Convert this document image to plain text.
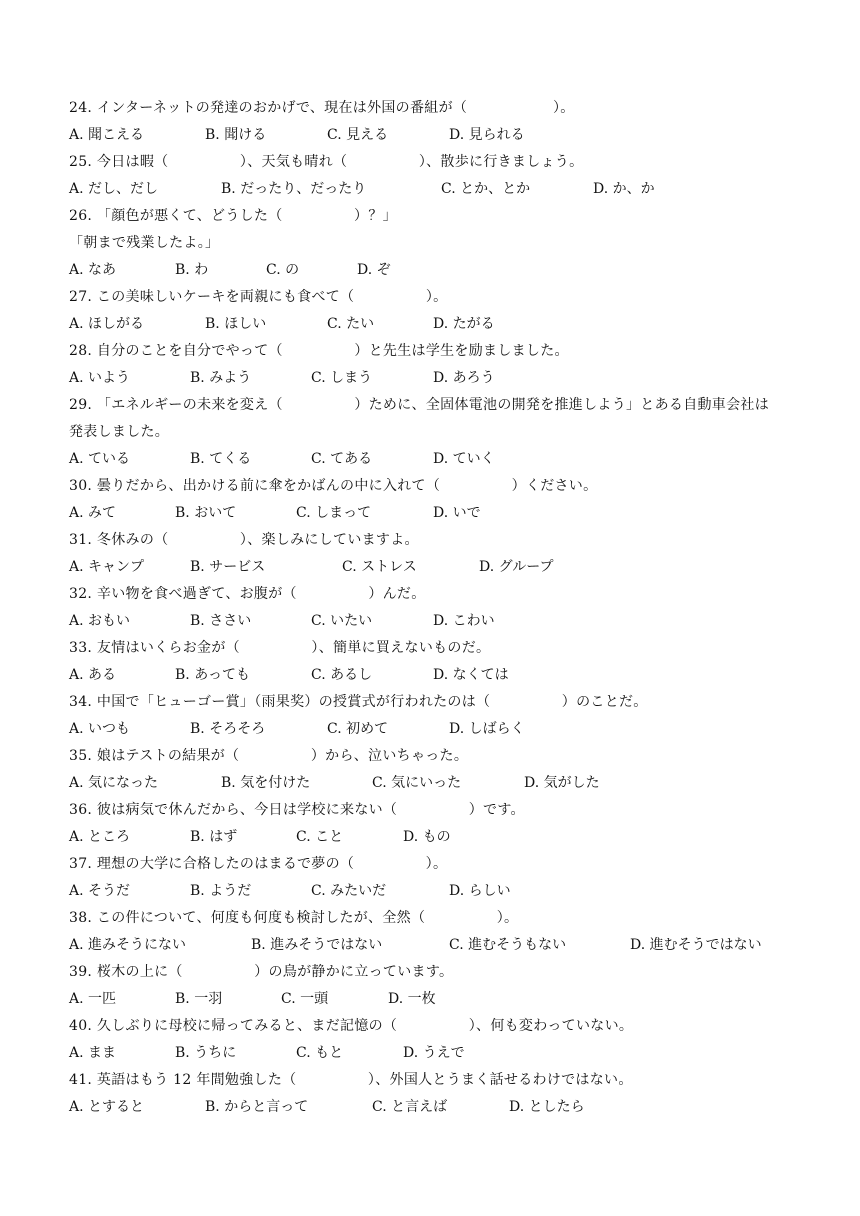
24. インターネットの発達のおかげで、現在は外国の番組が（　　　　　　）。
A. 聞こえる	B. 聞ける	C. 見える	D. 見られる
25. 今日は暇（　　　　　）、天気も晴れ（　　　　　）、散歩に行きましょう。
A. だし、だし	B. だったり、だったり	C. とか、とか	D. か、か
26. 「顔色が悪くて、どうした（　　　　　）？」
「朝まで残業したよ。」
A. なあ	B. わ	C. の	D. ぞ
27. この美味しいケーキを両親にも食べて（　　　　　）。
A. ほしがる	B. ほしい	C. たい	D. たがる
28. 自分のことを自分でやって（　　　　　）と先生は学生を励ましました。
A. いよう	B. みよう	C. しまう	D. あろう
29. 「エネルギーの未来を変え（　　　　　）ために、全固体電池の開発を推進しよう」とある自動車会社は
発表しました。
A. ている	B. てくる	C. てある	D. ていく
30. 曇りだから、出かける前に傘をかばんの中に入れて（　　　　　）ください。
A. みて	B. おいて	C. しまって	D. いで
31. 冬休みの（　　　　　）、楽しみにしていますよ。
A. キャンプ	B. サービス	C. ストレス	D. グループ
32. 辛い物を食べ過ぎて、お腹が（　　　　　）んだ。
A. おもい	B. ささい	C. いたい	D. こわい
33. 友情はいくらお金が（　　　　　）、簡単に買えないものだ。
A. ある	B. あっても	C. あるし	D. なくては
34. 中国で「ヒューゴー賞」（雨果奖）の授賞式が行われたのは（　　　　　）のことだ。
A. いつも	B. そろそろ	C. 初めて	D. しばらく
35. 娘はテストの結果が（　　　　　）から、泣いちゃった。
A. 気になった	B. 気を付けた	C. 気にいった	D. 気がした
36. 彼は病気で休んだから、今日は学校に来ない（　　　　　）です。
A. ところ	B. はず	C. こと	D. もの
37. 理想の大学に合格したのはまるで夢の（　　　　　）。
A. そうだ	B. ようだ	C. みたいだ	D. らしい
38. この件について、何度も何度も検討したが、全然（　　　　　）。
A. 進みそうにない	B. 進みそうではない	C. 進むそうもない	D. 進むそうではない
39. 桜木の上に（　　　　　）の鳥が静かに立っています。
A. 一匹	B. 一羽	C. 一頭	D. 一枚
40. 久しぶりに母校に帰ってみると、まだ記憶の（　　　　　）、何も変わっていない。
A. まま	B. うちに	C. もと	D. うえで
41. 英語はもう 12 年間勉強した（　　　　　）、外国人とうまく話せるわけではない。
A. とすると	B. からと言って	C. と言えば	D. としたら
